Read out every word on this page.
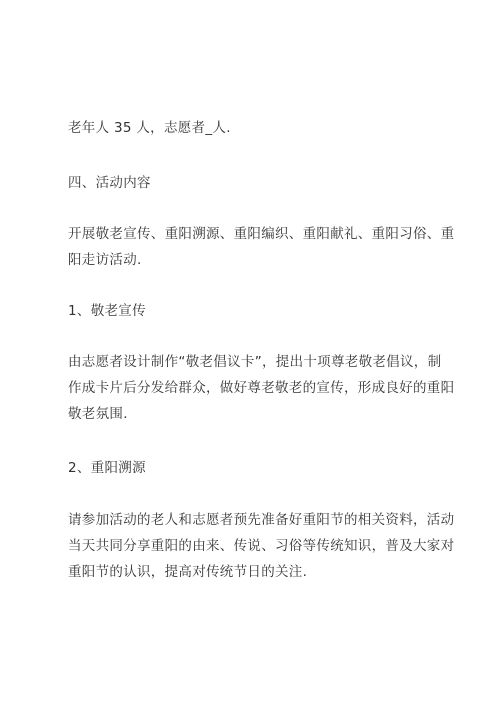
老年人 35 人，志愿者_人.
四、活动内容
开展敬老宣传、重阳溯源、重阳编织、重阳献礼、重阳习俗、重
阳走访活动.
1、敬老宣传
由志愿者设计制作“敬老倡议卡”，提出十项尊老敬老倡议，制
作成卡片后分发给群众，做好尊老敬老的宣传，形成良好的重阳
敬老氛围.
2、重阳溯源
请参加活动的老人和志愿者预先准备好重阳节的相关资料，活动
当天共同分享重阳的由来、传说、习俗等传统知识，普及大家对
重阳节的认识，提高对传统节日的关注.
